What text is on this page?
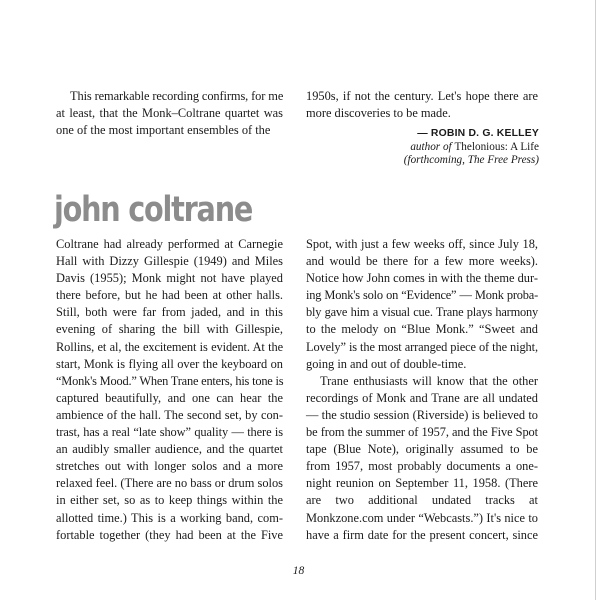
This remarkable recording confirms, for me
at least, that the Monk–Coltrane quartet was
one of the most important ensembles of the
1950s, if not the century. Let's hope there are
more discoveries to be made.
— ROBIN D. G. KELLEY
author of Thelonious: A Life
(forthcoming, The Free Press)
john coltrane
Coltrane had already performed at Carnegie
Hall with Dizzy Gillespie (1949) and Miles
Davis (1955); Monk might not have played
there before, but he had been at other halls.
Still, both were far from jaded, and in this
evening of sharing the bill with Gillespie,
Rollins, et al, the excitement is evident. At the
start, Monk is flying all over the keyboard on
“Monk's Mood.” When Trane enters, his tone is
captured beautifully, and one can hear the
ambience of the hall. The second set, by con-
trast, has a real “late show” quality — there is
an audibly smaller audience, and the quartet
stretches out with longer solos and a more
relaxed feel. (There are no bass or drum solos
in either set, so as to keep things within the
allotted time.) This is a working band, com-
fortable together (they had been at the Five
Spot, with just a few weeks off, since July 18,
and would be there for a few more weeks).
Notice how John comes in with the theme dur-
ing Monk's solo on “Evidence” — Monk proba-
bly gave him a visual cue. Trane plays harmony
to the melody on “Blue Monk.” “Sweet and
Lovely” is the most arranged piece of the night,
going in and out of double-time.
Trane enthusiasts will know that the other
recordings of Monk and Trane are all undated
— the studio session (Riverside) is believed to
be from the summer of 1957, and the Five Spot
tape (Blue Note), originally assumed to be
from 1957, most probably documents a one-
night reunion on September 11, 1958. (There
are two additional undated tracks at
Monkzone.com under “Webcasts.”) It's nice to
have a firm date for the present concert, since
18
